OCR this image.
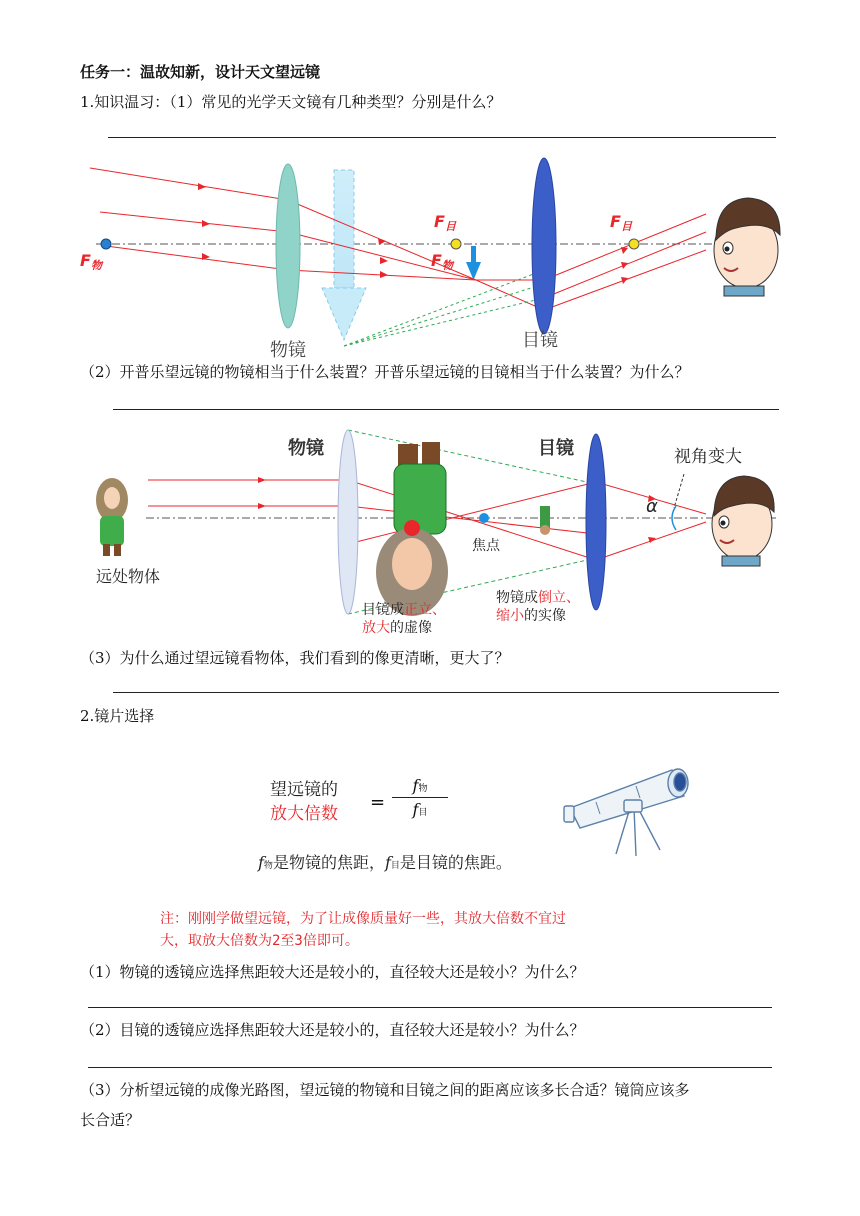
任务一：温故知新，设计天文望远镜
1.知识温习：（1）常见的光学天文镜有几种类型？分别是什么？
F物
F目
F物
F目
物镜	目镜
（2）开普乐望远镜的物镜相当于什么装置？开普乐望远镜的目镜相当于什么装置？为什么？
α
物镜	目镜	视角变大
远处物体
焦点
目镜成正立、
放大的虚像
物镜成倒立、
缩小的实像
（3）为什么通过望远镜看物体，我们看到的像更清晰，更大了？
2.镜片选择
望远镜的
放大倍数
=
f物
f目
f物是物镜的焦距，f目是目镜的焦距。
注：刚刚学做望远镜，为了让成像质量好一些，其放大倍数不宜过
大，取放大倍数为2至3倍即可。
（1）物镜的透镜应选择焦距较大还是较小的，直径较大还是较小？为什么？
（2）目镜的透镜应选择焦距较大还是较小的，直径较大还是较小？为什么？
（3）分析望远镜的成像光路图，望远镜的物镜和目镜之间的距离应该多长合适？镜筒应该多
长合适？
